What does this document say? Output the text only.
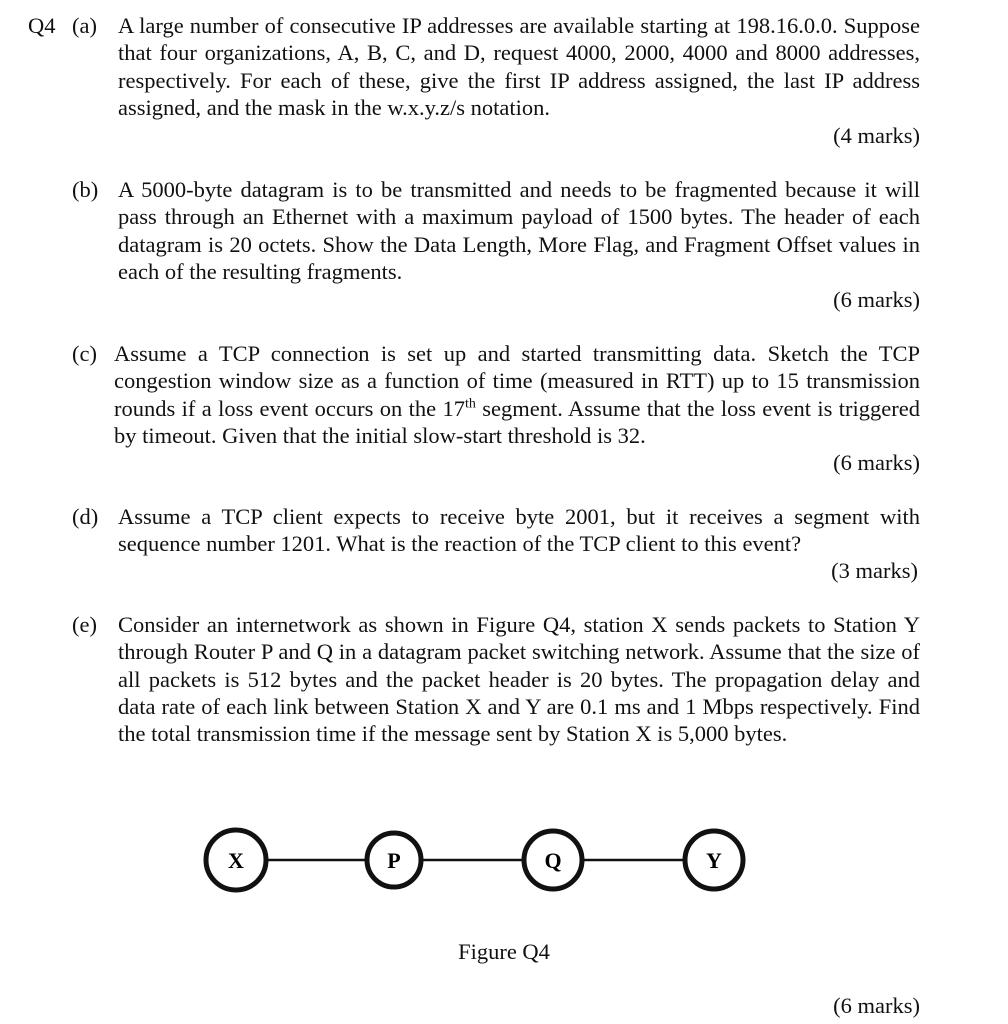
Q4 (a) A large number of consecutive IP addresses are available starting at 198.16.0.0. Suppose that four organizations, A, B, C, and D, request 4000, 2000, 4000 and 8000 addresses, respectively. For each of these, give the first IP address assigned, the last IP address assigned, and the mask in the w.x.y.z/s notation.
(4 marks)
(b) A 5000-byte datagram is to be transmitted and needs to be fragmented because it will pass through an Ethernet with a maximum payload of 1500 bytes. The header of each datagram is 20 octets. Show the Data Length, More Flag, and Fragment Offset values in each of the resulting fragments.
(6 marks)
(c) Assume a TCP connection is set up and started transmitting data. Sketch the TCP congestion window size as a function of time (measured in RTT) up to 15 transmission rounds if a loss event occurs on the 17th segment. Assume that the loss event is triggered by timeout. Given that the initial slow-start threshold is 32.
(6 marks)
(d) Assume a TCP client expects to receive byte 2001, but it receives a segment with sequence number 1201. What is the reaction of the TCP client to this event?
(3 marks)
(e) Consider an internetwork as shown in Figure Q4, station X sends packets to Station Y through Router P and Q in a datagram packet switching network. Assume that the size of all packets is 512 bytes and the packet header is 20 bytes. The propagation delay and data rate of each link between Station X and Y are 0.1 ms and 1 Mbps respectively. Find the total transmission time if the message sent by Station X is 5,000 bytes.
X	P	Q	Y
Figure Q4
(6 marks)
